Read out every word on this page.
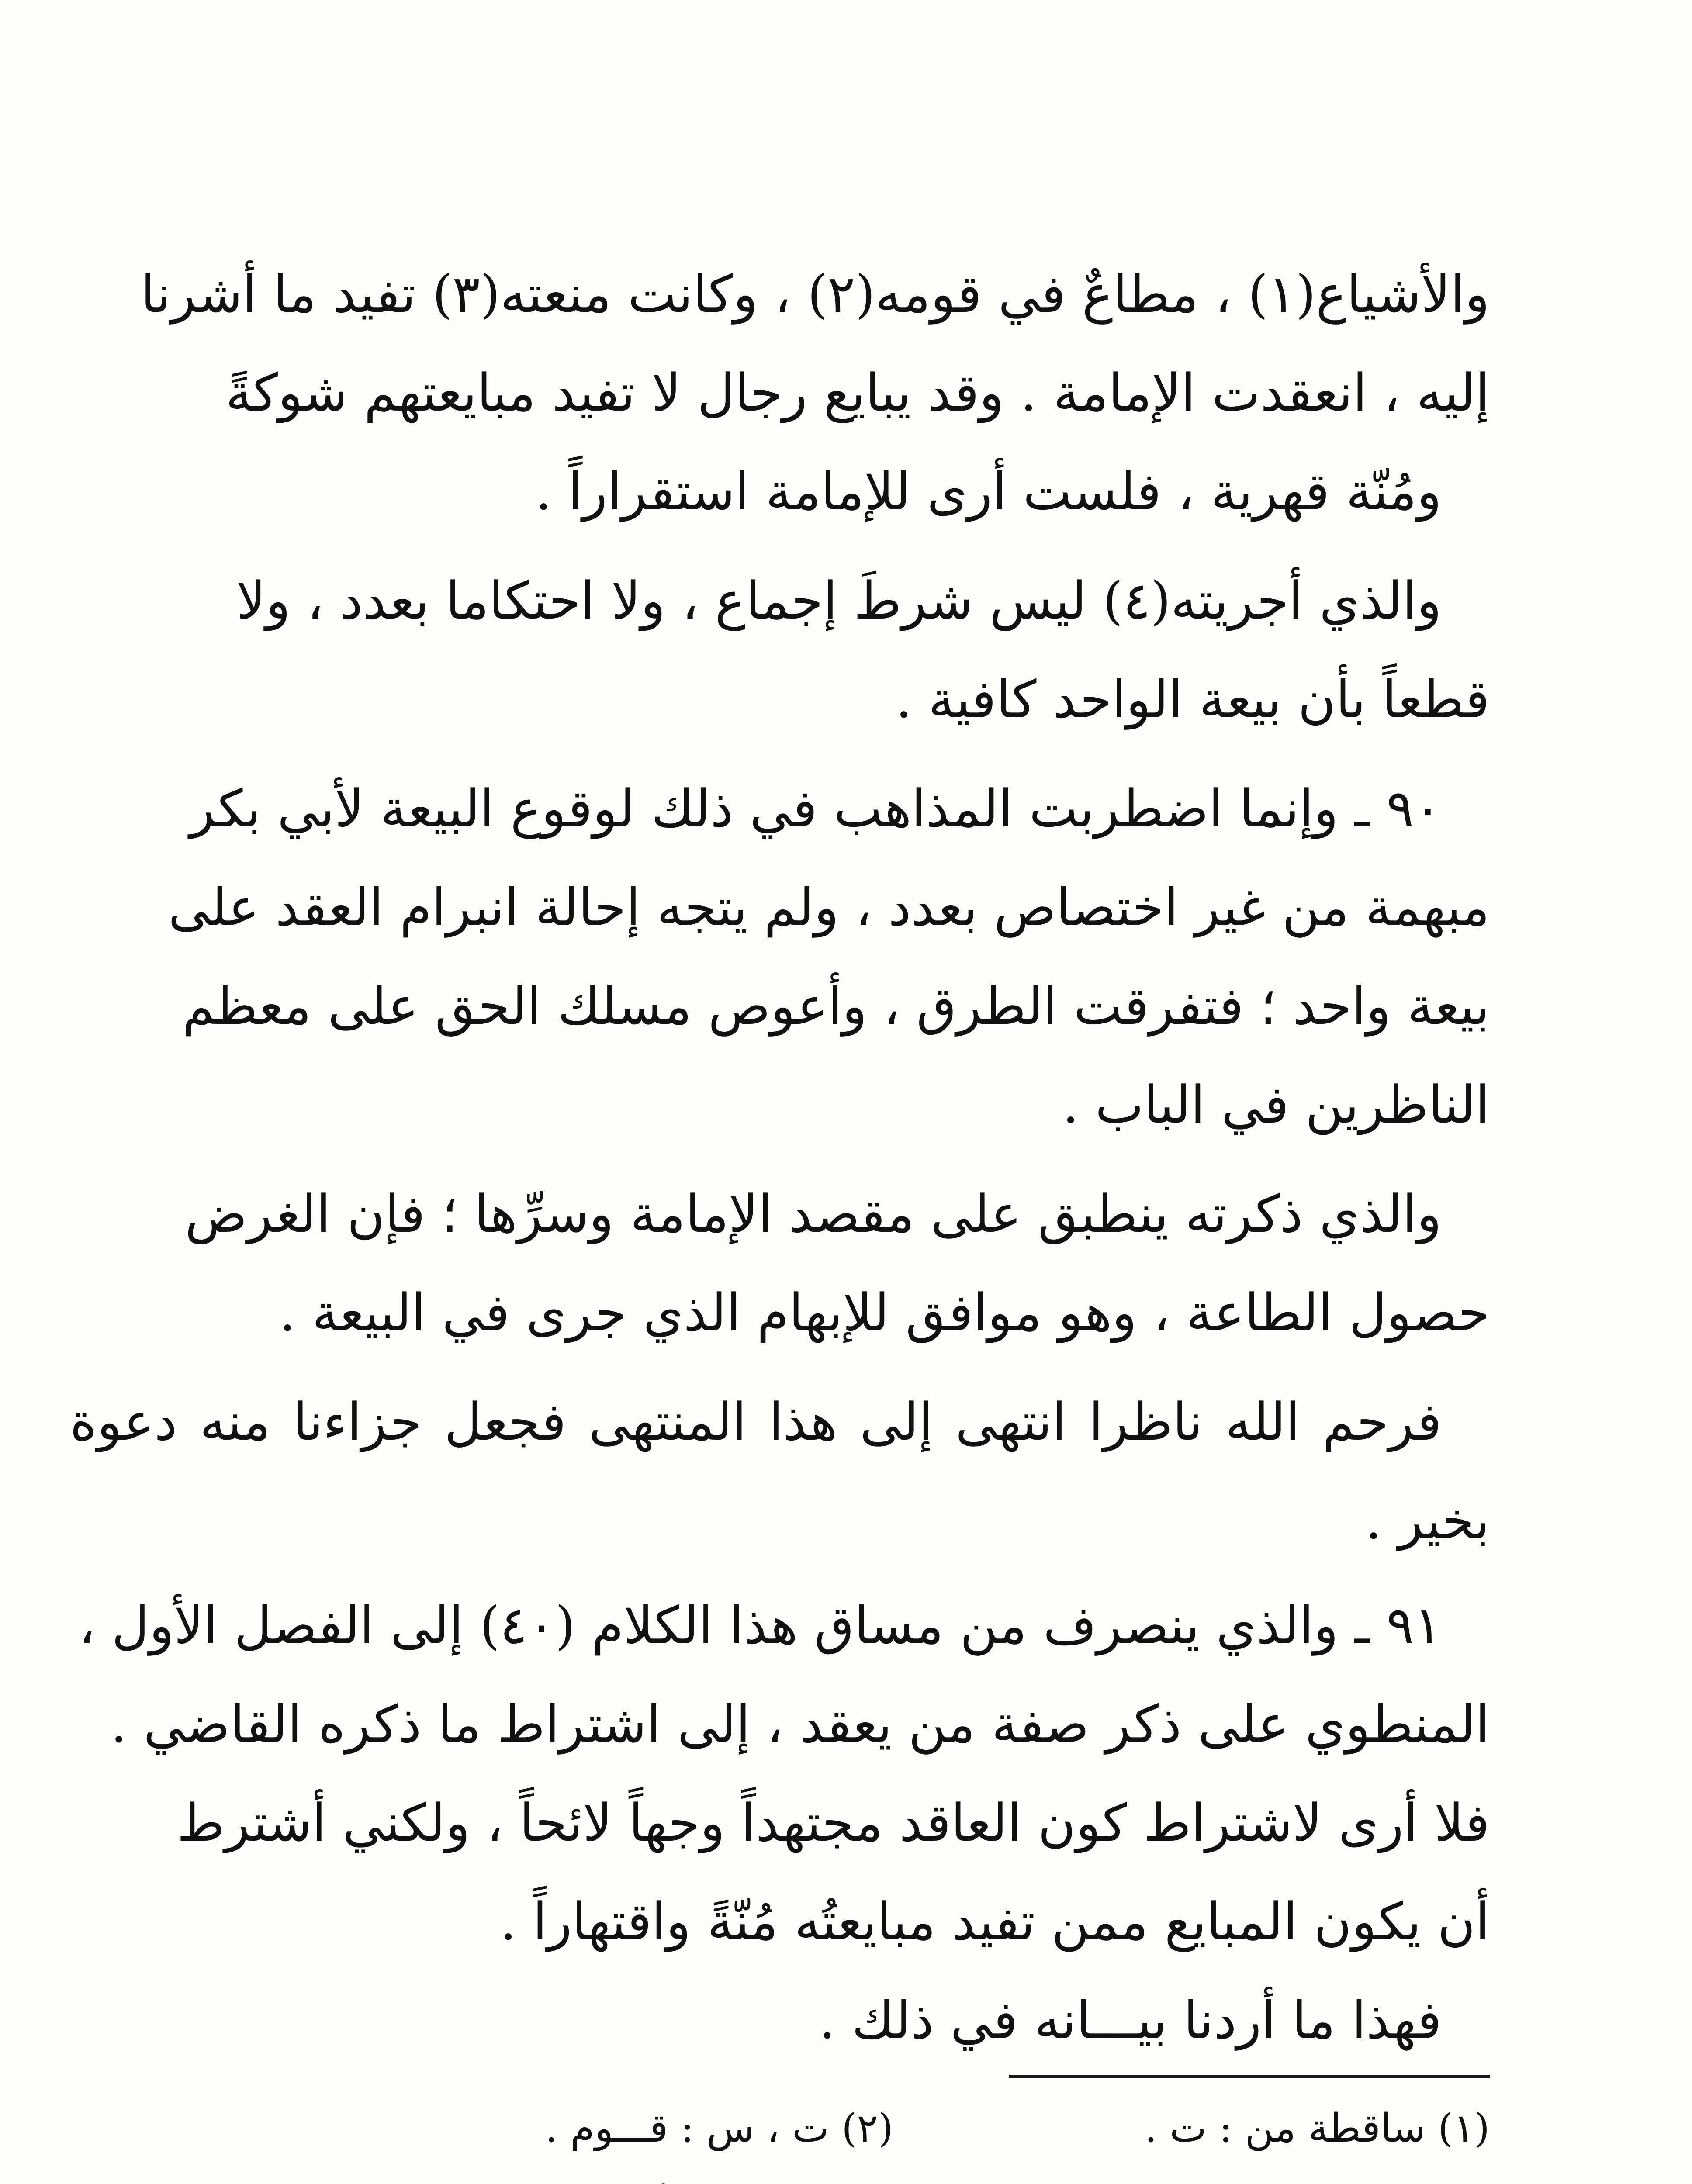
والأشياع(١) ، مطاعٌ في قومه(٢) ، وكانت منعته(٣) تفيد ما أشرنا
إليه ، انعقدت الإمامة . وقد يبايع رجال لا تفيد مبايعتهم شوكةً
ومُنّة قهرية ، فلست أرى للإمامة استقراراً .

والذي أجريته(٤) ليس شرطَ إجماع ، ولا احتكاما بعدد ، ولا
قطعاً بأن بيعة الواحد كافية .

٩٠ ـ وإنما اضطربت المذاهب في ذلك لوقوع البيعة لأبي بكر
مبهمة من غير اختصاص بعدد ، ولم يتجه إحالة انبرام العقد على
بيعة واحد ؛ فتفرقت الطرق ، وأعوص مسلك الحق على معظم
الناظرين في الباب .

والذي ذكرته ينطبق على مقصد الإمامة وسرِّها ؛ فإن الغرض
حصول الطاعة ، وهو موافق للإبهام الذي جرى في البيعة .

فرحم الله ناظرا انتهى إلى هذا المنتهى فجعل جزاءنا منه دعوة بخير .

٩١ ـ والذي ينصرف من مساق هذا الكلام (٤٠) إلى الفصل الأول ،
المنطوي على ذكر صفة من يعقد ، إلى اشتراط ما ذكره القاضي .
فلا أرى لاشتراط كون العاقد مجتهداً وجهاً لائحاً ، ولكني أشترط
أن يكون المبايع ممن تفيد مبايعتُه مُنّةً واقتهاراً .

فهذا ما أردنا بيـــانه في ذلك .

(١) ساقطة من : ت .
(٢) ت ، س : قـــوم .
